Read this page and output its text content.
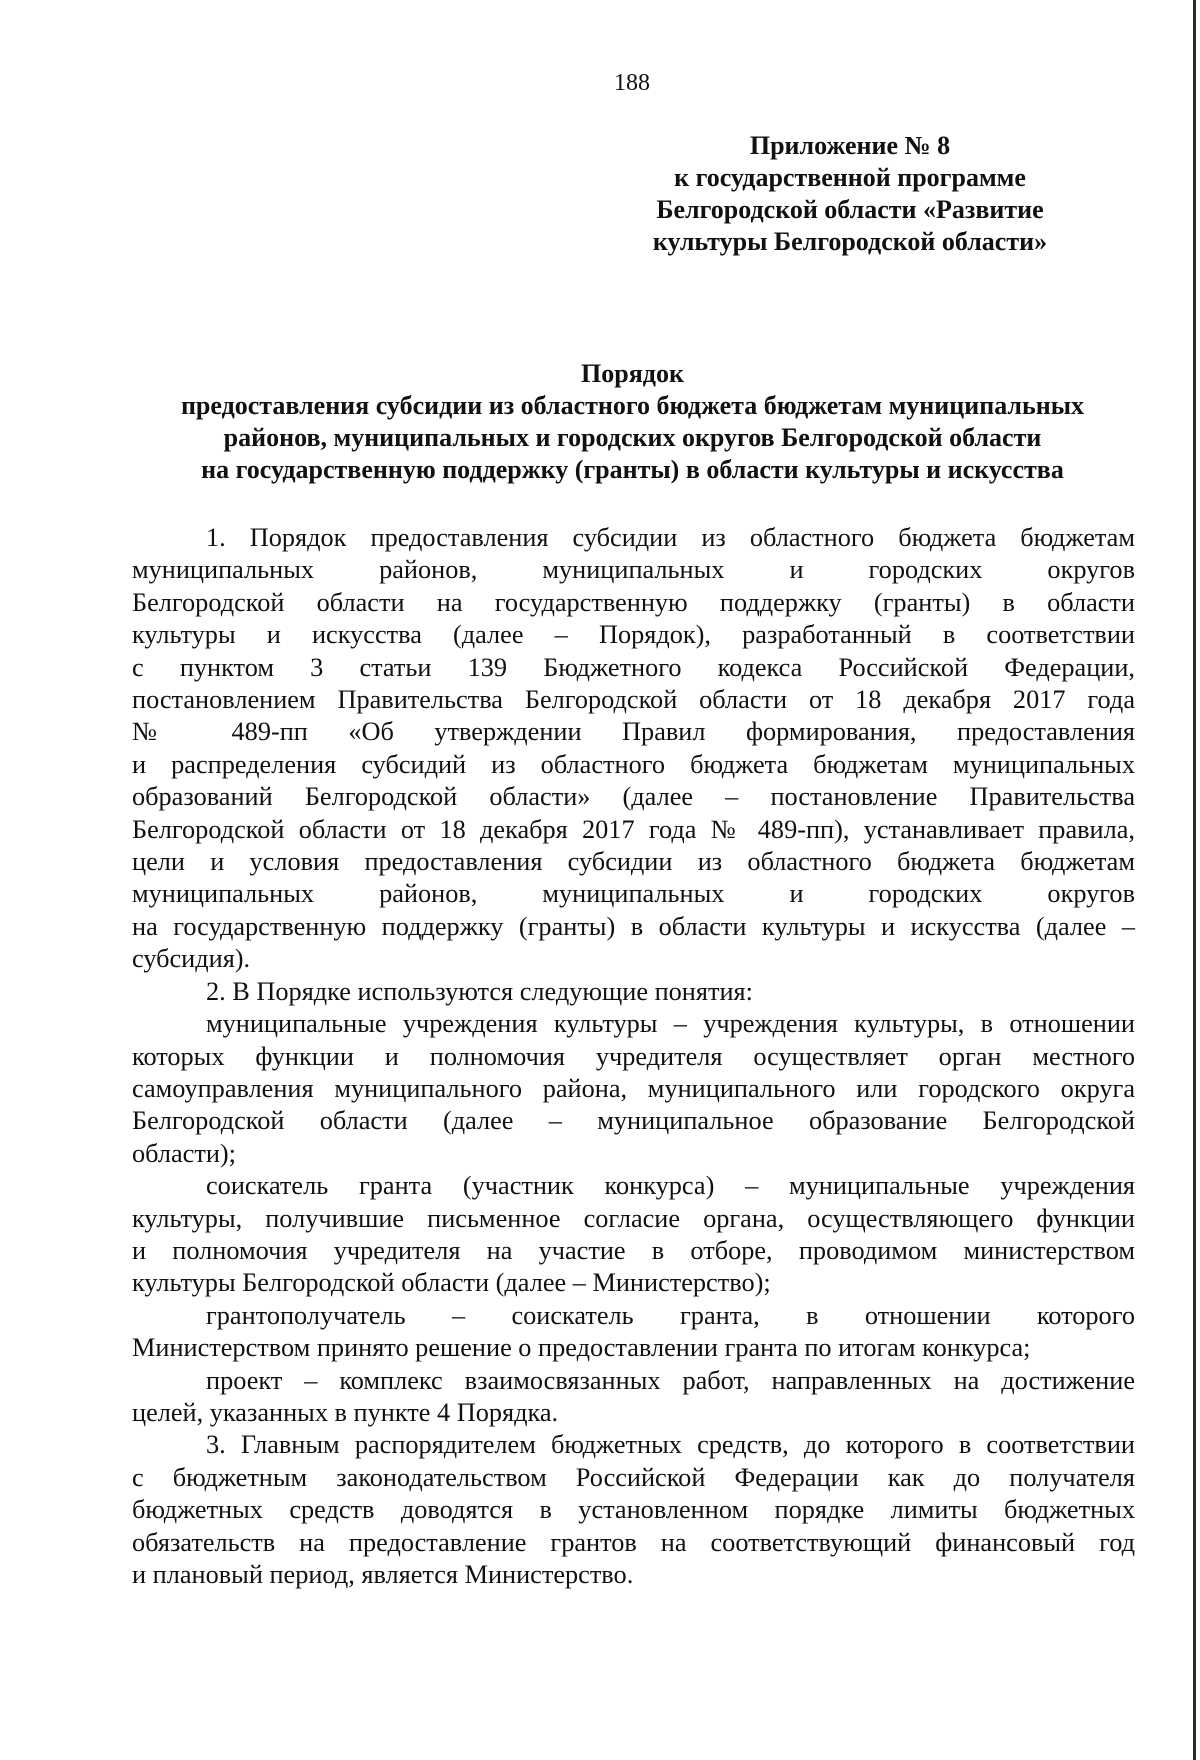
188
Приложение № 8
к государственной программе
Белгородской области «Развитие
культуры Белгородской области»
Порядок
предоставления субсидии из областного бюджета бюджетам муниципальных
районов, муниципальных и городских округов Белгородской области
на государственную поддержку (гранты) в области культуры и искусства
1. Порядок предоставления субсидии из областного бюджета бюджетам
муниципальных районов, муниципальных и городских округов
Белгородской области на государственную поддержку (гранты) в области
культуры и искусства (далее – Порядок), разработанный в соответствии
с пунктом 3 статьи 139 Бюджетного кодекса Российской Федерации,
постановлением Правительства Белгородской области от 18 декабря 2017 года
№ 489-пп «Об утверждении Правил формирования, предоставления
и распределения субсидий из областного бюджета бюджетам муниципальных
образований Белгородской области» (далее – постановление Правительства
Белгородской области от 18 декабря 2017 года № 489-пп), устанавливает правила,
цели и условия предоставления субсидии из областного бюджета бюджетам
муниципальных районов, муниципальных и городских округов
на государственную поддержку (гранты) в области культуры и искусства (далее –
субсидия).
2. В Порядке используются следующие понятия:
муниципальные учреждения культуры – учреждения культуры, в отношении
которых функции и полномочия учредителя осуществляет орган местного
самоуправления муниципального района, муниципального или городского округа
Белгородской области (далее – муниципальное образование Белгородской
области);
соискатель гранта (участник конкурса) – муниципальные учреждения
культуры, получившие письменное согласие органа, осуществляющего функции
и полномочия учредителя на участие в отборе, проводимом министерством
культуры Белгородской области (далее – Министерство);
грантополучатель – соискатель гранта, в отношении которого
Министерством принято решение о предоставлении гранта по итогам конкурса;
проект – комплекс взаимосвязанных работ, направленных на достижение
целей, указанных в пункте 4 Порядка.
3. Главным распорядителем бюджетных средств, до которого в соответствии
с бюджетным законодательством Российской Федерации как до получателя
бюджетных средств доводятся в установленном порядке лимиты бюджетных
обязательств на предоставление грантов на соответствующий финансовый год
и плановый период, является Министерство.
